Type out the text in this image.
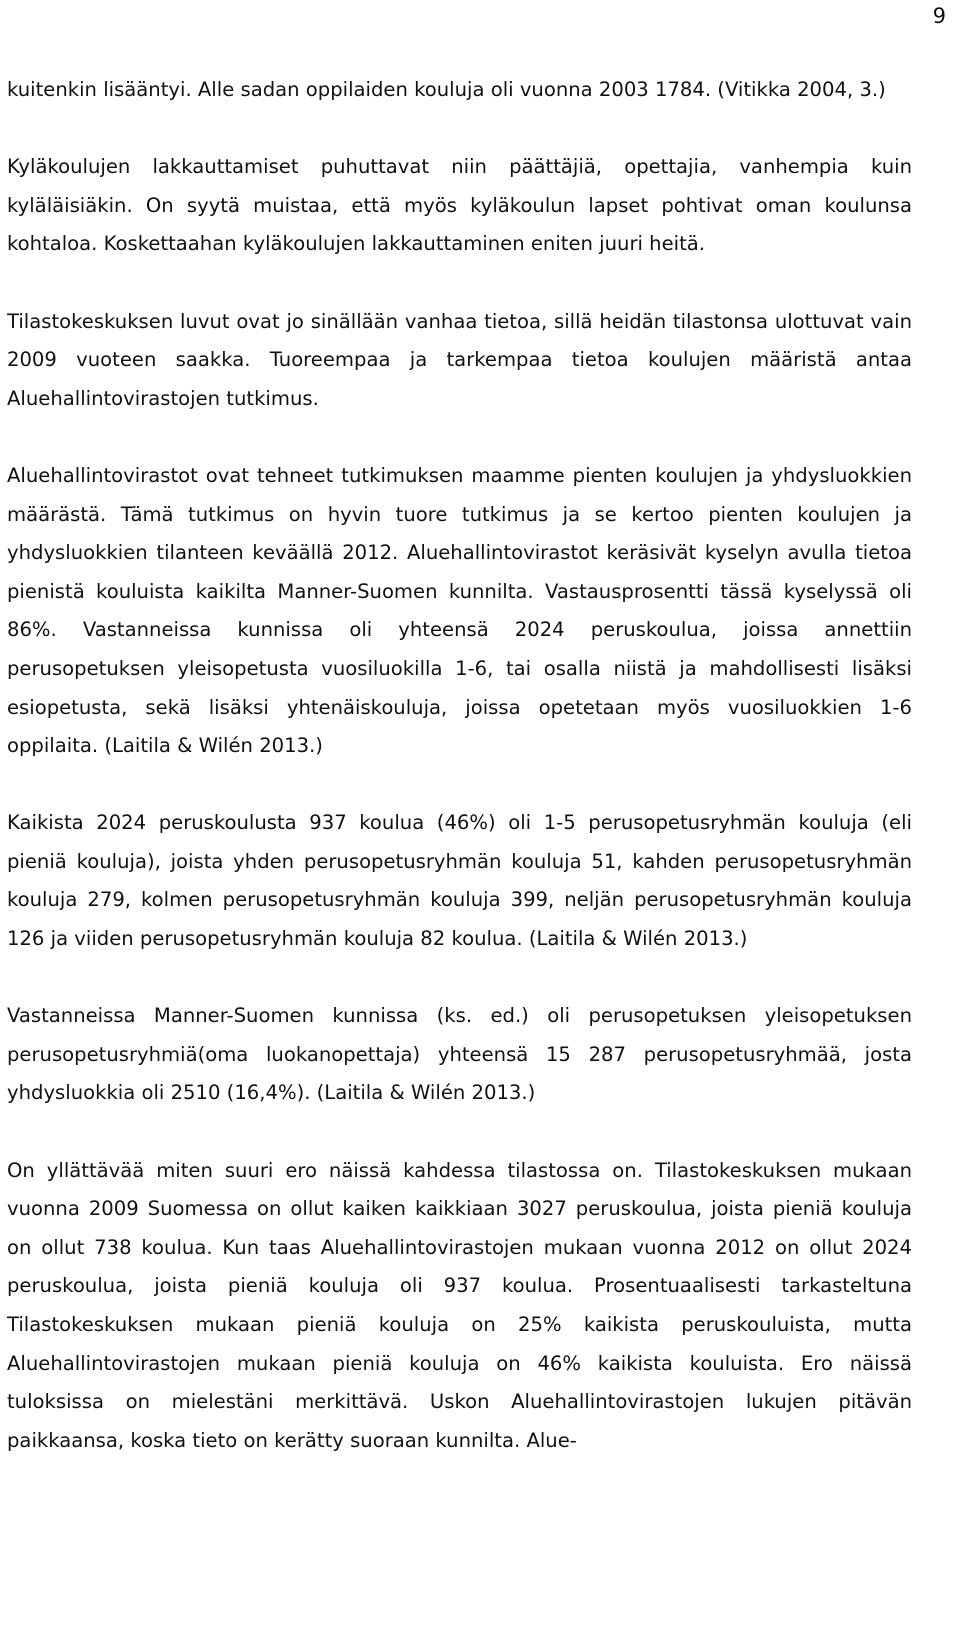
9

kuitenkin lisääntyi. Alle sadan oppilaiden kouluja oli vuonna 2003 1784. (Vitikka 2004, 3.)

Kyläkoulujen lakkauttamiset puhuttavat niin päättäjiä, opettajia, vanhempia kuin kyläläisiäkin. On syytä muistaa, että myös kyläkoulun lapset pohtivat oman koulunsa kohtaloa. Koskettaahan kyläkoulujen lakkauttaminen eniten juuri heitä.

Tilastokeskuksen luvut ovat jo sinällään vanhaa tietoa, sillä heidän tilastonsa ulottuvat vain 2009 vuoteen saakka. Tuoreempaa ja tarkempaa tietoa koulujen määristä antaa Aluehallintovirastojen tutkimus.

Aluehallintovirastot ovat tehneet tutkimuksen maamme pienten koulujen ja yhdysluokkien määrästä. Tämä tutkimus on hyvin tuore tutkimus ja se kertoo pienten koulujen ja yhdysluokkien tilanteen keväällä 2012. Aluehallintovirastot keräsivät kyselyn avulla tietoa pienistä kouluista kaikilta Manner-Suomen kunnilta. Vastausprosentti tässä kyselyssä oli 86%. Vastanneissa kunnissa oli yhteensä 2024 peruskoulua, joissa annettiin perusopetuksen yleisopetusta vuosiluokilla 1-6, tai osalla niistä ja mahdollisesti lisäksi esiopetusta, sekä lisäksi yhtenäiskouluja, joissa opetetaan myös vuosiluokkien 1-6 oppilaita. (Laitila & Wilén 2013.)

Kaikista 2024 peruskoulusta 937 koulua (46%) oli 1-5 perusopetusryhmän kouluja (eli pieniä kouluja), joista yhden perusopetusryhmän kouluja 51, kahden perusopetusryhmän kouluja 279, kolmen perusopetusryhmän kouluja 399, neljän perusopetusryhmän kouluja 126 ja viiden perusopetusryhmän kouluja 82 koulua. (Laitila & Wilén 2013.)

Vastanneissa Manner-Suomen kunnissa (ks. ed.) oli perusopetuksen yleisopetuksen perusopetusryhmiä(oma luokanopettaja) yhteensä 15 287 perusopetusryhmää, josta yhdysluokkia oli 2510 (16,4%). (Laitila & Wilén 2013.)

On yllättävää miten suuri ero näissä kahdessa tilastossa on. Tilastokeskuksen mukaan vuonna 2009 Suomessa on ollut kaiken kaikkiaan 3027 peruskoulua, joista pieniä kouluja on ollut 738 koulua. Kun taas Aluehallintovirastojen mukaan vuonna 2012 on ollut 2024 peruskoulua, joista pieniä kouluja oli 937 koulua. Prosentuaalisesti tarkasteltuna Tilastokeskuksen mukaan pieniä kouluja on 25% kaikista peruskouluista, mutta Aluehallintovirastojen mukaan pieniä kouluja on 46% kaikista kouluista. Ero näissä tuloksissa on mielestäni merkittävä. Uskon Aluehallintovirastojen lukujen pitävän paikkaansa, koska tieto on kerätty suoraan kunnilta. Alue-
